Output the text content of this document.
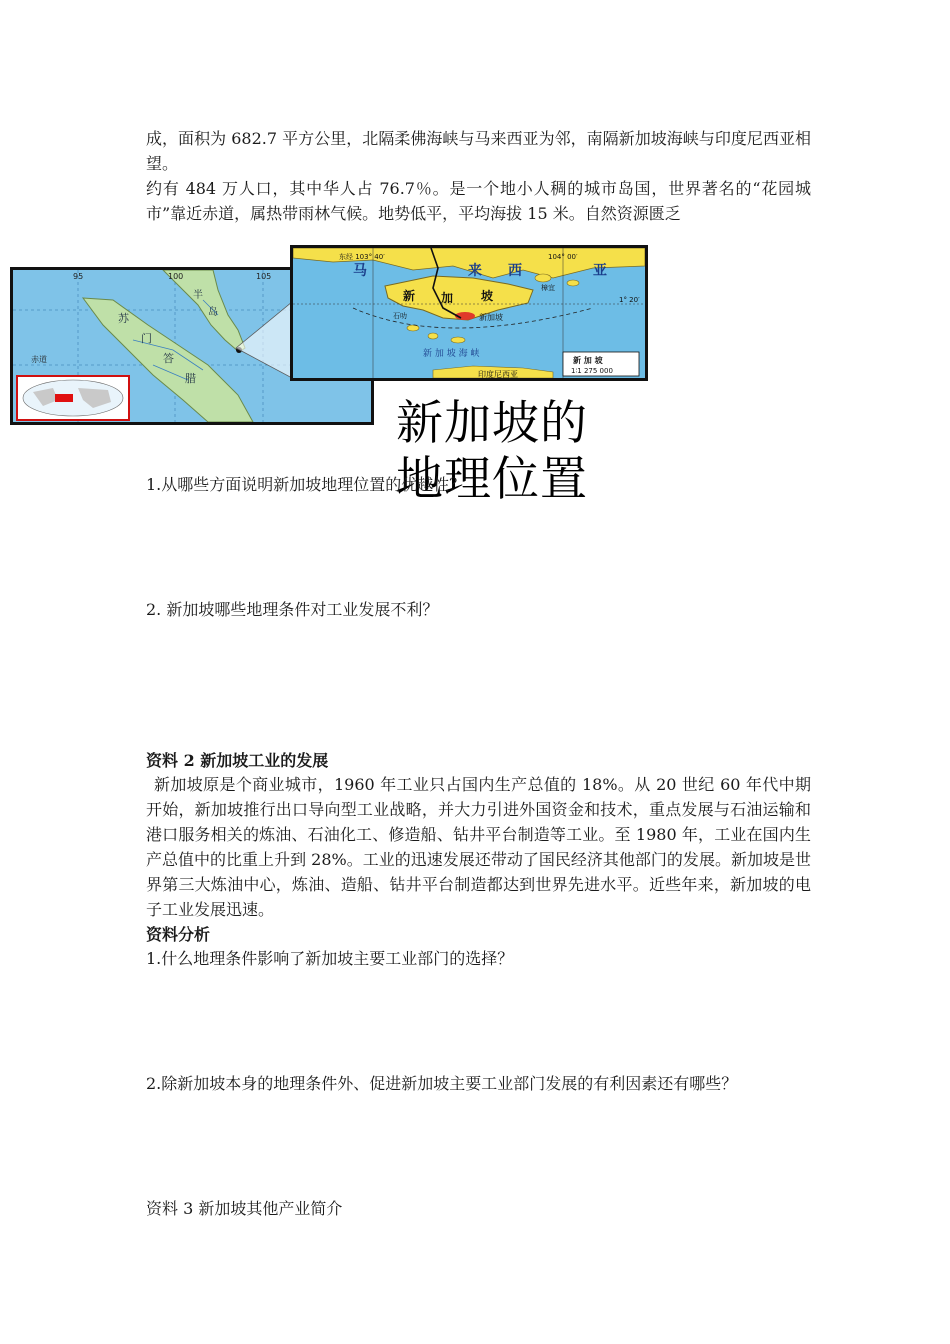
成，面积为 682.7 平方公里，北隔柔佛海峡与马来西亚为邻，南隔新加坡海峡与印度尼西亚相望。

约有 484 万人口，其中华人占 76.7％。是一个地小人稠的城市岛国，世界著名的“花园城市”靠近赤道，属热带雨林气候。地势低平，平均海拔 15 米。自然资源匮乏

95	100	105
赤道
半
岛
苏
门
答
腊
东经 103° 40′	104° 00′
1° 20′
马	来 西	亚
新 加 坡
新加坡
石叻
樟宜
新 加 坡 海 峡
印度尼西亚
新 加 坡
1∶1 275 000
新加坡的
地理位置

1.从哪些方面说明新加坡地理位置的优越性？

2. 新加坡哪些地理条件对工业发展不利？

资料 2 新加坡工业的发展

新加坡原是个商业城市，1960 年工业只占国内生产总值的 18%。从 20 世纪 60 年代中期开始，新加坡推行出口导向型工业战略，并大力引进外国资金和技术，重点发展与石油运输和港口服务相关的炼油、石油化工、修造船、钻井平台制造等工业。至 1980 年，工业在国内生产总值中的比重上升到 28%。工业的迅速发展还带动了国民经济其他部门的发展。新加坡是世界第三大炼油中心，炼油、造船、钻井平台制造都达到世界先进水平。近些年来，新加坡的电子工业发展迅速。

资料分析

1.什么地理条件影响了新加坡主要工业部门的选择？

2.除新加坡本身的地理条件外、促进新加坡主要工业部门发展的有利因素还有哪些？

资料 3 新加坡其他产业简介
